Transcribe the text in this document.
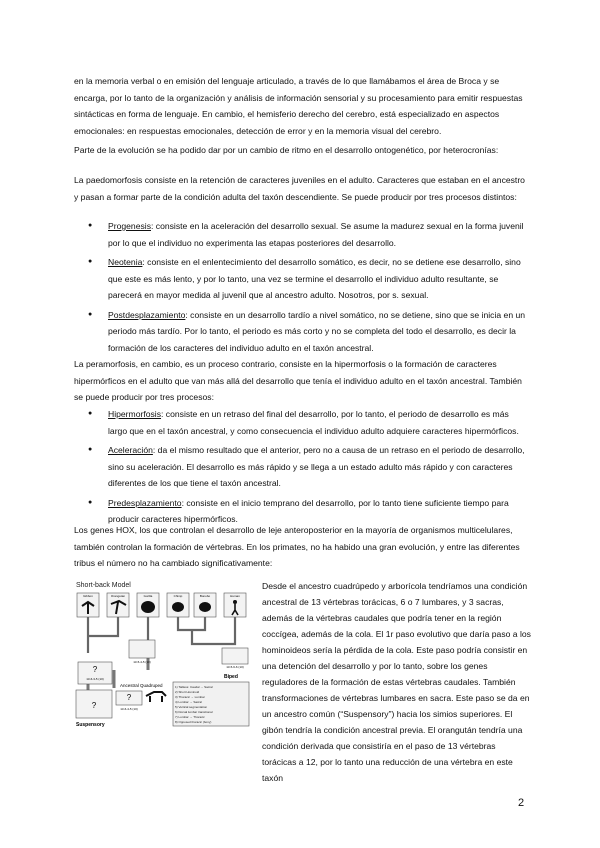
en la memoria verbal o en emisión del lenguaje articulado, a través de lo que llamábamos el área de Broca y se encarga, por lo tanto de la organización y análisis de información sensorial y su procesamiento para emitir respuestas sintácticas en forma de lenguaje. En cambio, el hemisferio derecho del cerebro, está especializado en aspectos emocionales: en respuestas emocionales, detección de error y en la memoria visual del cerebro.

Parte de la evolución se ha podido dar por un cambio de ritmo en el desarrollo ontogenético, por heterocronías:

La paedomorfosis consiste en la retención de caracteres juveniles en el adulto. Caracteres que estaban en el ancestro y pasan a formar parte de la condición adulta del taxón descendiente. Se puede producir por tres procesos distintos:

● Progenesis: consiste en la aceleración del desarrollo sexual. Se asume la madurez sexual en la forma juvenil por lo que el individuo no experimenta las etapas posteriores del desarrollo.
● Neotenia: consiste en el enlentecimiento del desarrollo somático, es decir, no se detiene ese desarrollo, sino que este es más lento, y por lo tanto, una vez se termine el desarrollo el individuo adulto resultante, se parecerá en mayor medida al juvenil que al ancestro adulto. Nosotros, por s. sexual.
● Postdesplazamiento: consiste en un desarrollo tardío a nivel somático, no se detiene, sino que se inicia en un periodo más tardío. Por lo tanto, el periodo es más corto y no se completa del todo el desarrollo, es decir la formación de los caracteres del individuo adulto en el taxón ancestral.

La peramorfosis, en cambio, es un proceso contrario, consiste en la hipermorfosis o la formación de caracteres hipermórficos en el adulto que van más allá del desarrollo que tenía el individuo adulto en el taxón ancestral. También se puede producir por tres procesos:

● Hipermorfosis: consiste en un retraso del final del desarrollo, por lo tanto, el periodo de desarrollo es más largo que en el taxón ancestral, y como consecuencia el individuo adulto adquiere caracteres hipermórficos.
● Aceleración: da el mismo resultado que el anterior, pero no a causa de un retraso en el periodo de desarrollo, sino su aceleración. El desarrollo es más rápido y se llega a un estado adulto más rápido y con caracteres diferentes de los que tiene el taxón ancestral.
● Predesplazamiento: consiste en el inicio temprano del desarrollo, por lo tanto tiene suficiente tiempo para producir caracteres hipermórficos.

Los genes HOX, los que controlan el desarrollo de leje anteroposterior en la mayoría de organismos multicelulares, también controlan la formación de vértebras. En los primates, no ha habido una gran evolución, y entre las diferentes tribus el número no ha cambiado significativamente:

Short-back Model
Gibbon	Orangutan	Gorilla	Chimp	Bonobo	Human
13-5-4-5 (10)
13-5-6-6 (10)
Biped
?
13-6-3-5 (10)
Ancestral Quadruped
?
13-6-4-5 (10)
?
Suspensory
1) Tailless: Caudal → Sacral
2) Short Hominoid
3) Thoracic → Lumbar
4) Lumbar → Sacral
5) Vertical segmentation
6) Dorsal lumbar transitional
7) Lumbar → Thoracic
8) Opposed thoracic (bony)

Desde el ancestro cuadrúpedo y arborícola tendríamos una condición ancestral de 13 vértebras torácicas, 6 o 7 lumbares, y 3 sacras, además de la vértebras caudales que podría tener en la región coccígea, además de la cola. El 1r paso evolutivo que daría paso a los hominoideos sería la pérdida de la cola. Este paso podría consistir en una detención del desarrollo y por lo tanto, sobre los genes reguladores de la formación de estas vértebras caudales. También transformaciones de vértebras lumbares en sacra. Este paso se da en un ancestro común (“Suspensory”) hacia los simios superiores. El gibón tendría la condición ancestral previa. El orangután tendría una condición derivada que consistiría en el paso de 13 vértebras torácicas a 12, por lo tanto una reducción de una vértebra en este taxón

2
